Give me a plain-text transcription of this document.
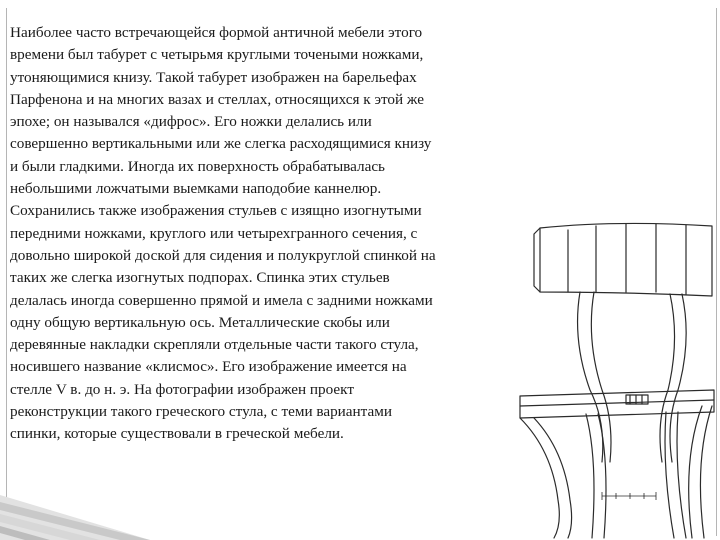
Наиболее часто встречающейся формой античной мебели этого
времени был табурет с четырьмя круглыми точеными ножками,
утоняющимися книзу. Такой табурет изображен на барельефах
Парфенона и на многих вазах и стеллах, относящихся к этой же
эпохе; он назывался «дифрос». Его ножки делались или
совершенно вертикальными или же слегка расходящимися книзу
и были гладкими. Иногда их поверхность обрабатывалась
небольшими ложчатыми выемками наподобие каннелюр.
Сохранились также изображения стульев с изящно изогнутыми
передними ножками, круглого или четырехгранного сечения, с
довольно широкой доской для сидения и полукруглой спинкой на
таких же слегка изогнутых подпорах. Спинка этих стульев
делалась иногда совершенно прямой и имела с задними ножками
одну общую вертикальную ось. Металлические скобы или
деревянные накладки скрепляли отдельные части такого стула,
носившего название «клисмос». Его изображение имеется на
стелле V в. до н. э. На фотографии изображен проект
реконструкции такого греческого стула, с теми вариантами
спинки, которые существовали в греческой мебели.
